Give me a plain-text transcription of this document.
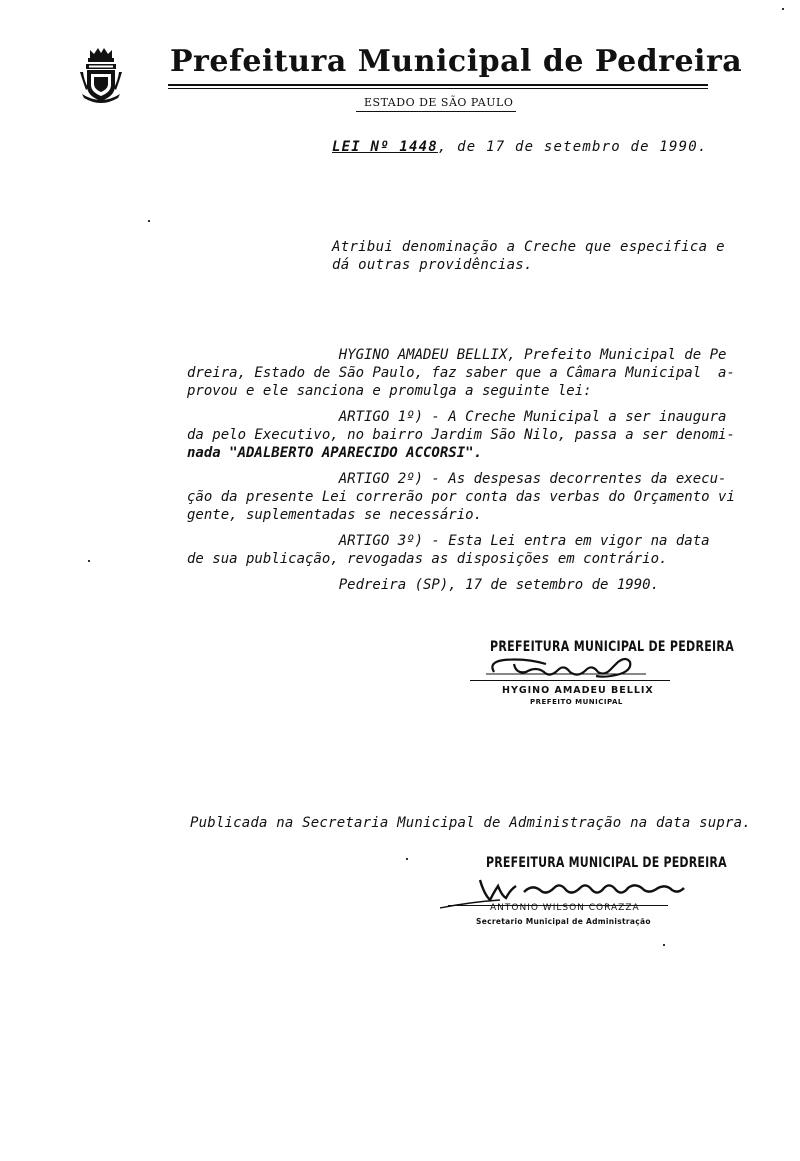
Prefeitura Municipal de Pedreira
ESTADO DE SÃO PAULO
LEI Nº 1448, de 17 de setembro de 1990.
Atribui denominação a Creche que especifica e
dá outras providências.
HYGINO AMADEU BELLIX, Prefeito Municipal de Pe
dreira, Estado de São Paulo, faz saber que a Câmara Municipal  a-
provou e ele sanciona e promulga a seguinte lei:
ARTIGO 1º) - A Creche Municipal a ser inaugura
da pelo Executivo, no bairro Jardim São Nilo, passa a ser denomi-
nada "ADALBERTO APARECIDO ACCORSI".
ARTIGO 2º) - As despesas decorrentes da execu-
ção da presente Lei correrão por conta das verbas do Orçamento vi
gente, suplementadas se necessário.
ARTIGO 3º) - Esta Lei entra em vigor na data
de sua publicação, revogadas as disposições em contrário.
Pedreira (SP), 17 de setembro de 1990.
PREFEITURA MUNICIPAL DE PEDREIRA
HYGINO AMADEU BELLIX
PREFEITO MUNICIPAL
Publicada na Secretaria Municipal de Administração na data supra.
PREFEITURA MUNICIPAL DE PEDREIRA
ANTONIO WILSON CORAZZA
Secretario Municipal de Administração
